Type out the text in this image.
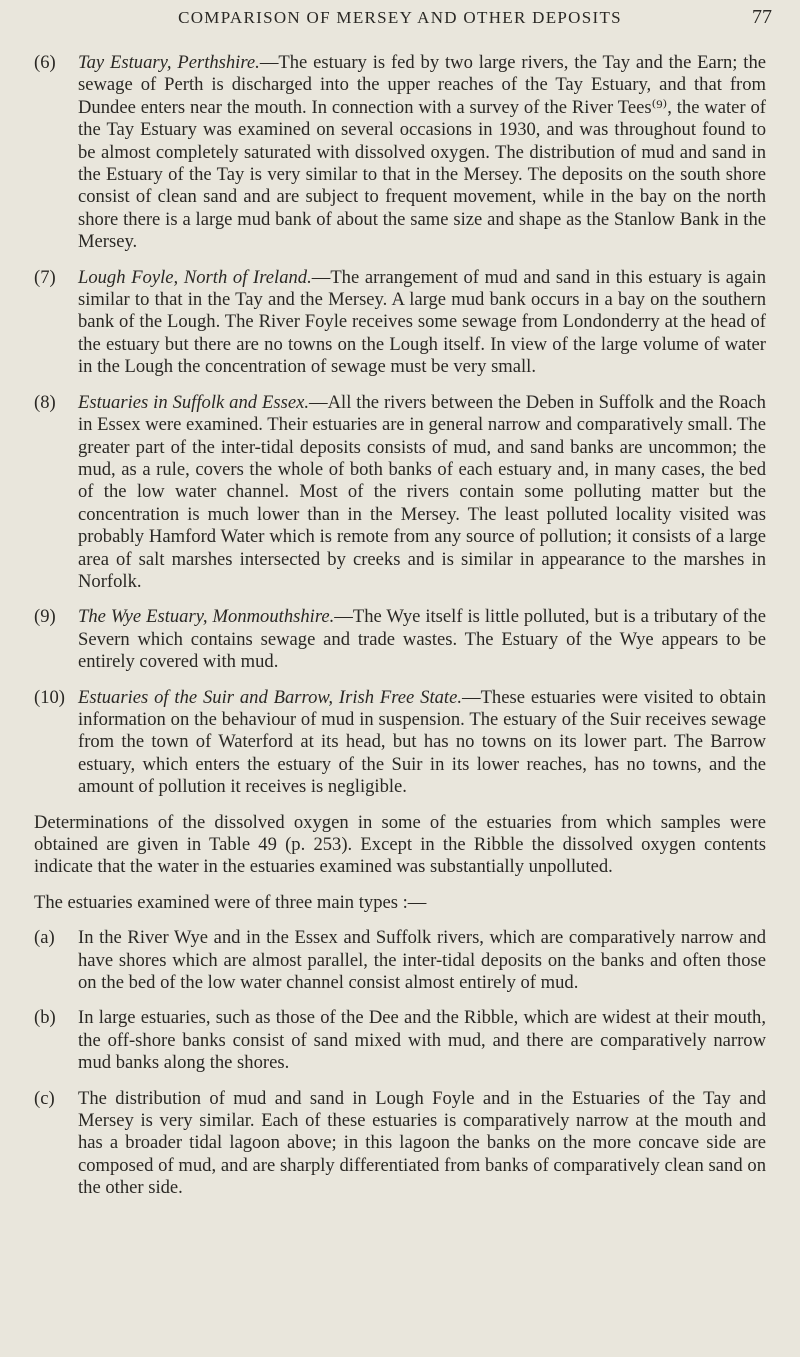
COMPARISON OF MERSEY AND OTHER DEPOSITS	77
(6) Tay Estuary, Perthshire.—The estuary is fed by two large rivers, the Tay and the Earn; the sewage of Perth is discharged into the upper reaches of the Tay Estuary, and that from Dundee enters near the mouth. In connection with a survey of the River Tees⁽⁹⁾, the water of the Tay Estuary was examined on several occasions in 1930, and was throughout found to be almost completely saturated with dissolved oxygen. The distribution of mud and sand in the Estuary of the Tay is very similar to that in the Mersey. The deposits on the south shore consist of clean sand and are subject to frequent movement, while in the bay on the north shore there is a large mud bank of about the same size and shape as the Stanlow Bank in the Mersey.
(7) Lough Foyle, North of Ireland.—The arrangement of mud and sand in this estuary is again similar to that in the Tay and the Mersey. A large mud bank occurs in a bay on the southern bank of the Lough. The River Foyle receives some sewage from Londonderry at the head of the estuary but there are no towns on the Lough itself. In view of the large volume of water in the Lough the concentration of sewage must be very small.
(8) Estuaries in Suffolk and Essex.—All the rivers between the Deben in Suffolk and the Roach in Essex were examined. Their estuaries are in general narrow and comparatively small. The greater part of the inter-tidal deposits consists of mud, and sand banks are uncommon; the mud, as a rule, covers the whole of both banks of each estuary and, in many cases, the bed of the low water channel. Most of the rivers contain some polluting matter but the concentration is much lower than in the Mersey. The least polluted locality visited was probably Hamford Water which is remote from any source of pollution; it consists of a large area of salt marshes intersected by creeks and is similar in appearance to the marshes in Norfolk.
(9) The Wye Estuary, Monmouthshire.—The Wye itself is little polluted, but is a tributary of the Severn which contains sewage and trade wastes. The Estuary of the Wye appears to be entirely covered with mud.
(10) Estuaries of the Suir and Barrow, Irish Free State.—These estuaries were visited to obtain information on the behaviour of mud in suspension. The estuary of the Suir receives sewage from the town of Waterford at its head, but has no towns on its lower part. The Barrow estuary, which enters the estuary of the Suir in its lower reaches, has no towns, and the amount of pollution it receives is negligible.
Determinations of the dissolved oxygen in some of the estuaries from which samples were obtained are given in Table 49 (p. 253). Except in the Ribble the dissolved oxygen contents indicate that the water in the estuaries examined was substantially unpolluted.
The estuaries examined were of three main types :—
(a) In the River Wye and in the Essex and Suffolk rivers, which are comparatively narrow and have shores which are almost parallel, the inter-tidal deposits on the banks and often those on the bed of the low water channel consist almost entirely of mud.
(b) In large estuaries, such as those of the Dee and the Ribble, which are widest at their mouth, the off-shore banks consist of sand mixed with mud, and there are comparatively narrow mud banks along the shores.
(c) The distribution of mud and sand in Lough Foyle and in the Estuaries of the Tay and Mersey is very similar. Each of these estuaries is comparatively narrow at the mouth and has a broader tidal lagoon above; in this lagoon the banks on the more concave side are composed of mud, and are sharply differentiated from banks of comparatively clean sand on the other side.
